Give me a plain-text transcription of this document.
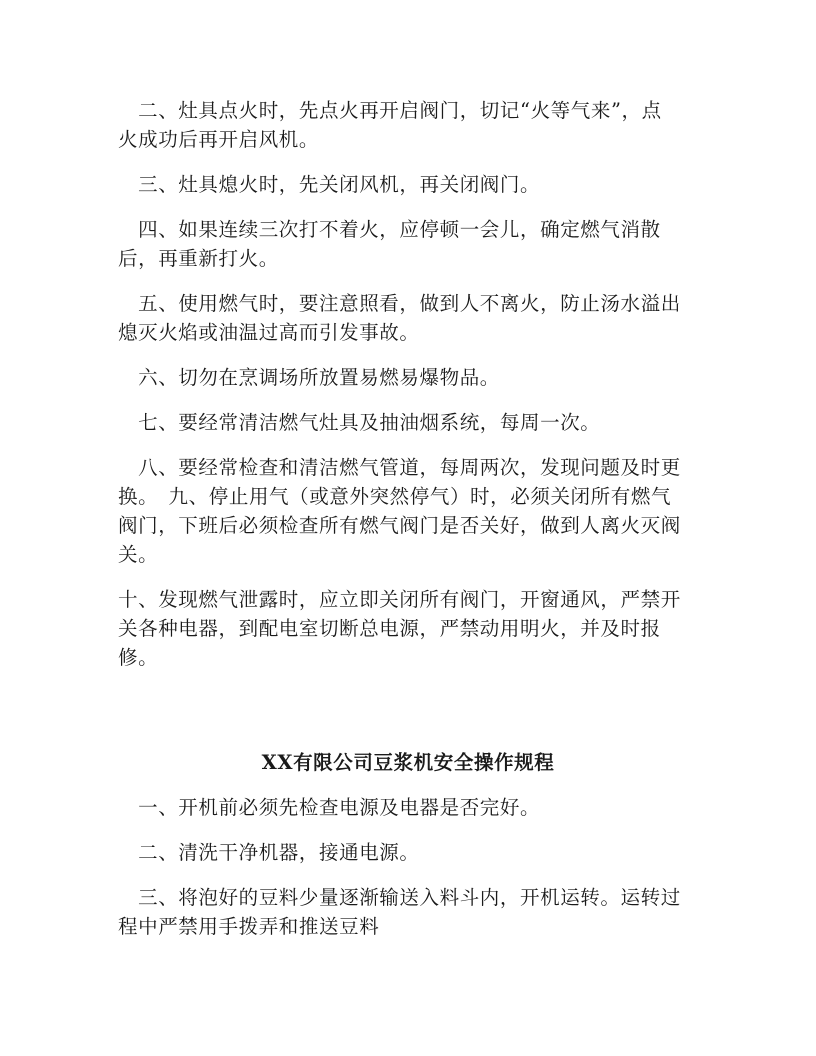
　二、灶具点火时，先点火再开启阀门，切记“火等气来”，点
火成功后再开启风机。

　三、灶具熄火时，先关闭风机，再关闭阀门。

　四、如果连续三次打不着火，应停顿一会儿，确定燃气消散
后，再重新打火。

　五、使用燃气时，要注意照看，做到人不离火，防止汤水溢出
熄灭火焰或油温过高而引发事故。

　六、切勿在烹调场所放置易燃易爆物品。

　七、要经常清洁燃气灶具及抽油烟系统，每周一次。

　八、要经常检查和清洁燃气管道，每周两次，发现问题及时更
换。　九、停止用气（或意外突然停气）时，必须关闭所有燃气
阀门，下班后必须检查所有燃气阀门是否关好，做到人离火灭阀
关。

十、发现燃气泄露时，应立即关闭所有阀门，开窗通风，严禁开
关各种电器，到配电室切断总电源，严禁动用明火，并及时报
修。

XX有限公司豆浆机安全操作规程

　一、开机前必须先检查电源及电器是否完好。

　二、清洗干净机器，接通电源。

　三、将泡好的豆料少量逐渐输送入料斗内，开机运转。运转过
程中严禁用手拨弄和推送豆料
